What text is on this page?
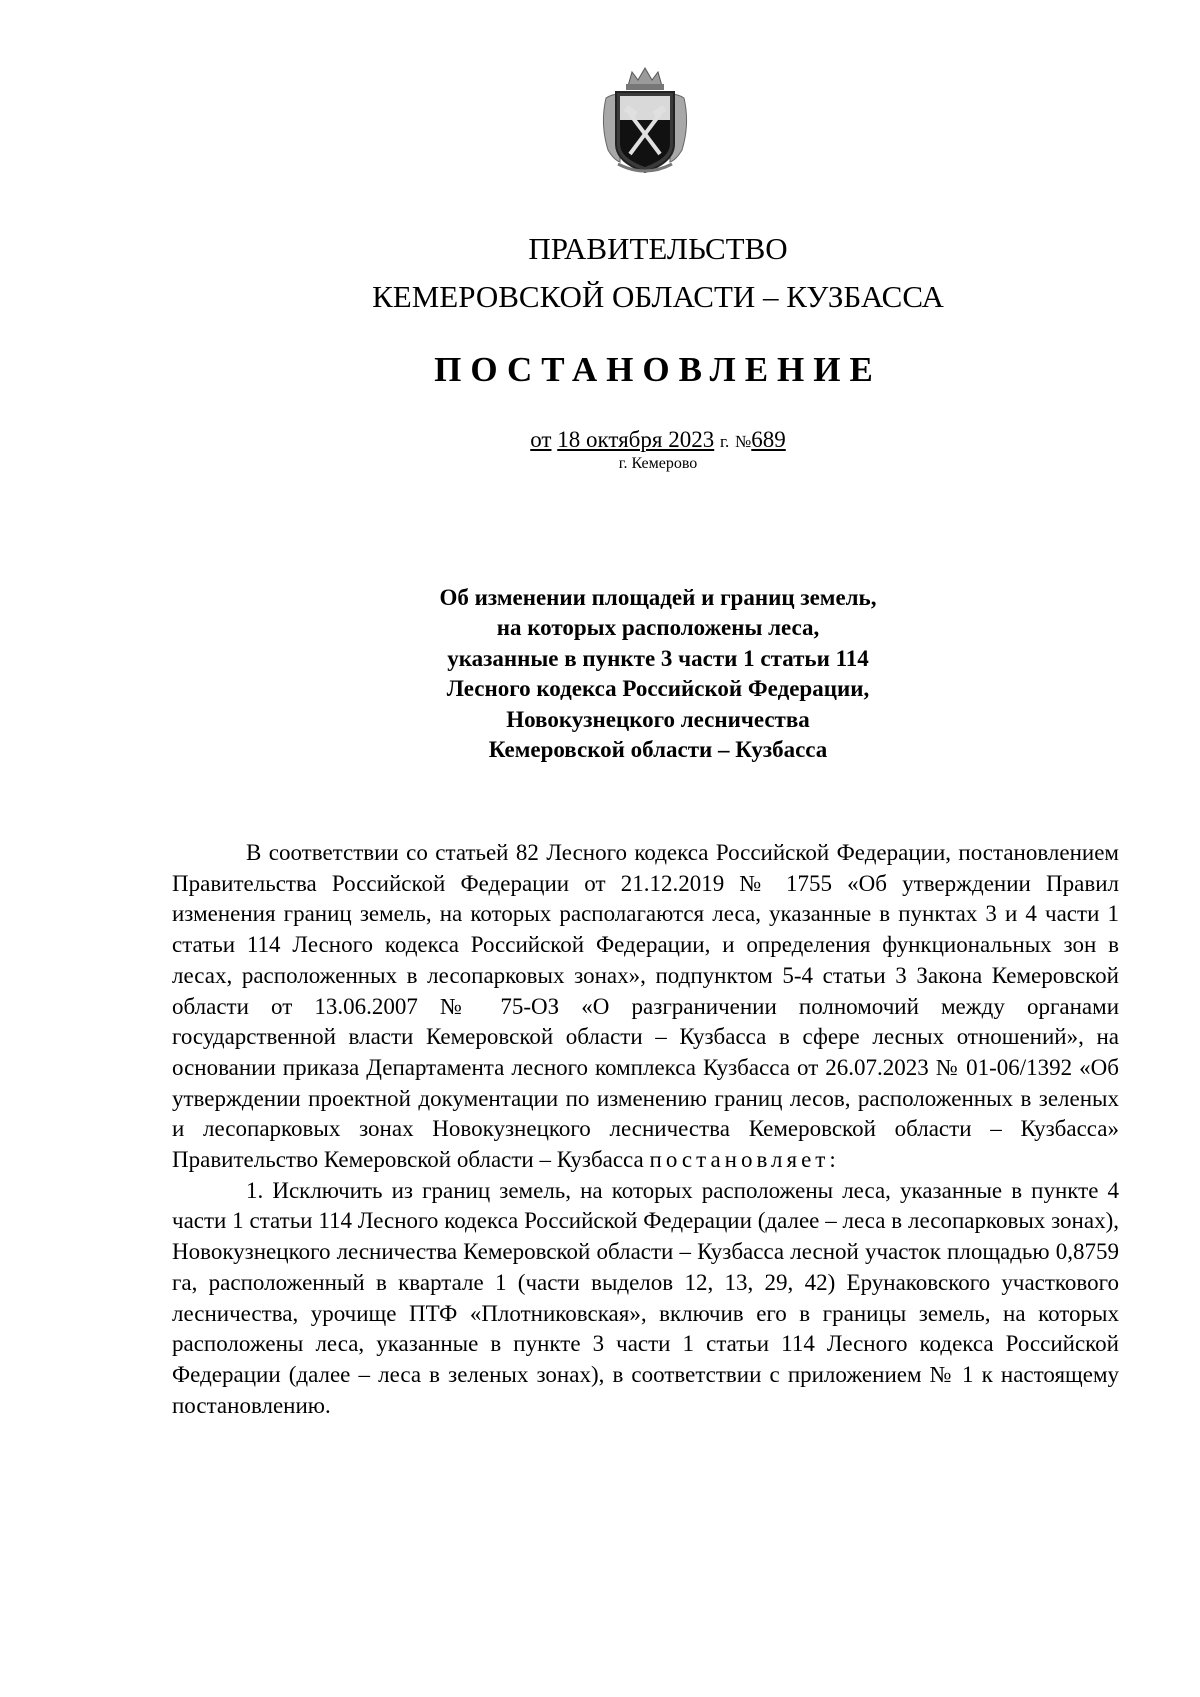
ПРАВИТЕЛЬСТВО
КЕМЕРОВСКОЙ ОБЛАСТИ – КУЗБАССА
ПОСТАНОВЛЕНИЕ
от 18 октября 2023 г. №689
г. Кемерово
Об изменении площадей и границ земель,
на которых расположены леса,
указанные в пункте 3 части 1 статьи 114
Лесного кодекса Российской Федерации,
Новокузнецкого лесничества
Кемеровской области – Кузбасса

В соответствии со статьей 82 Лесного кодекса Российской Федерации, постановлением Правительства Российской Федерации от 21.12.2019 № 1755 «Об утверждении Правил изменения границ земель, на которых располагаются леса, указанные в пунктах 3 и 4 части 1 статьи 114 Лесного кодекса Российской Федерации, и определения функциональных зон в лесах, расположенных в лесопарковых зонах», подпунктом 5-4 статьи 3 Закона Кемеровской области от 13.06.2007 № 75-ОЗ «О разграничении полномочий между органами государственной власти Кемеровской области – Кузбасса в сфере лесных отношений», на основании приказа Департамента лесного комплекса Кузбасса от 26.07.2023 № 01-06/1392 «Об утверждении проектной документации по изменению границ лесов, расположенных в зеленых и лесопарковых зонах Новокузнецкого лесничества Кемеровской области – Кузбасса» Правительство Кемеровской области – Кузбасса постановляет:

1. Исключить из границ земель, на которых расположены леса, указанные в пункте 4 части 1 статьи 114 Лесного кодекса Российской Федерации (далее – леса в лесопарковых зонах), Новокузнецкого лесничества Кемеровской области – Кузбасса лесной участок площадью 0,8759 га, расположенный в квартале 1 (части выделов 12, 13, 29, 42) Ерунаковского участкового лесничества, урочище ПТФ «Плотниковская», включив его в границы земель, на которых расположены леса, указанные в пункте 3 части 1 статьи 114 Лесного кодекса Российской Федерации (далее – леса в зеленых зонах), в соответствии с приложением № 1 к настоящему постановлению.
